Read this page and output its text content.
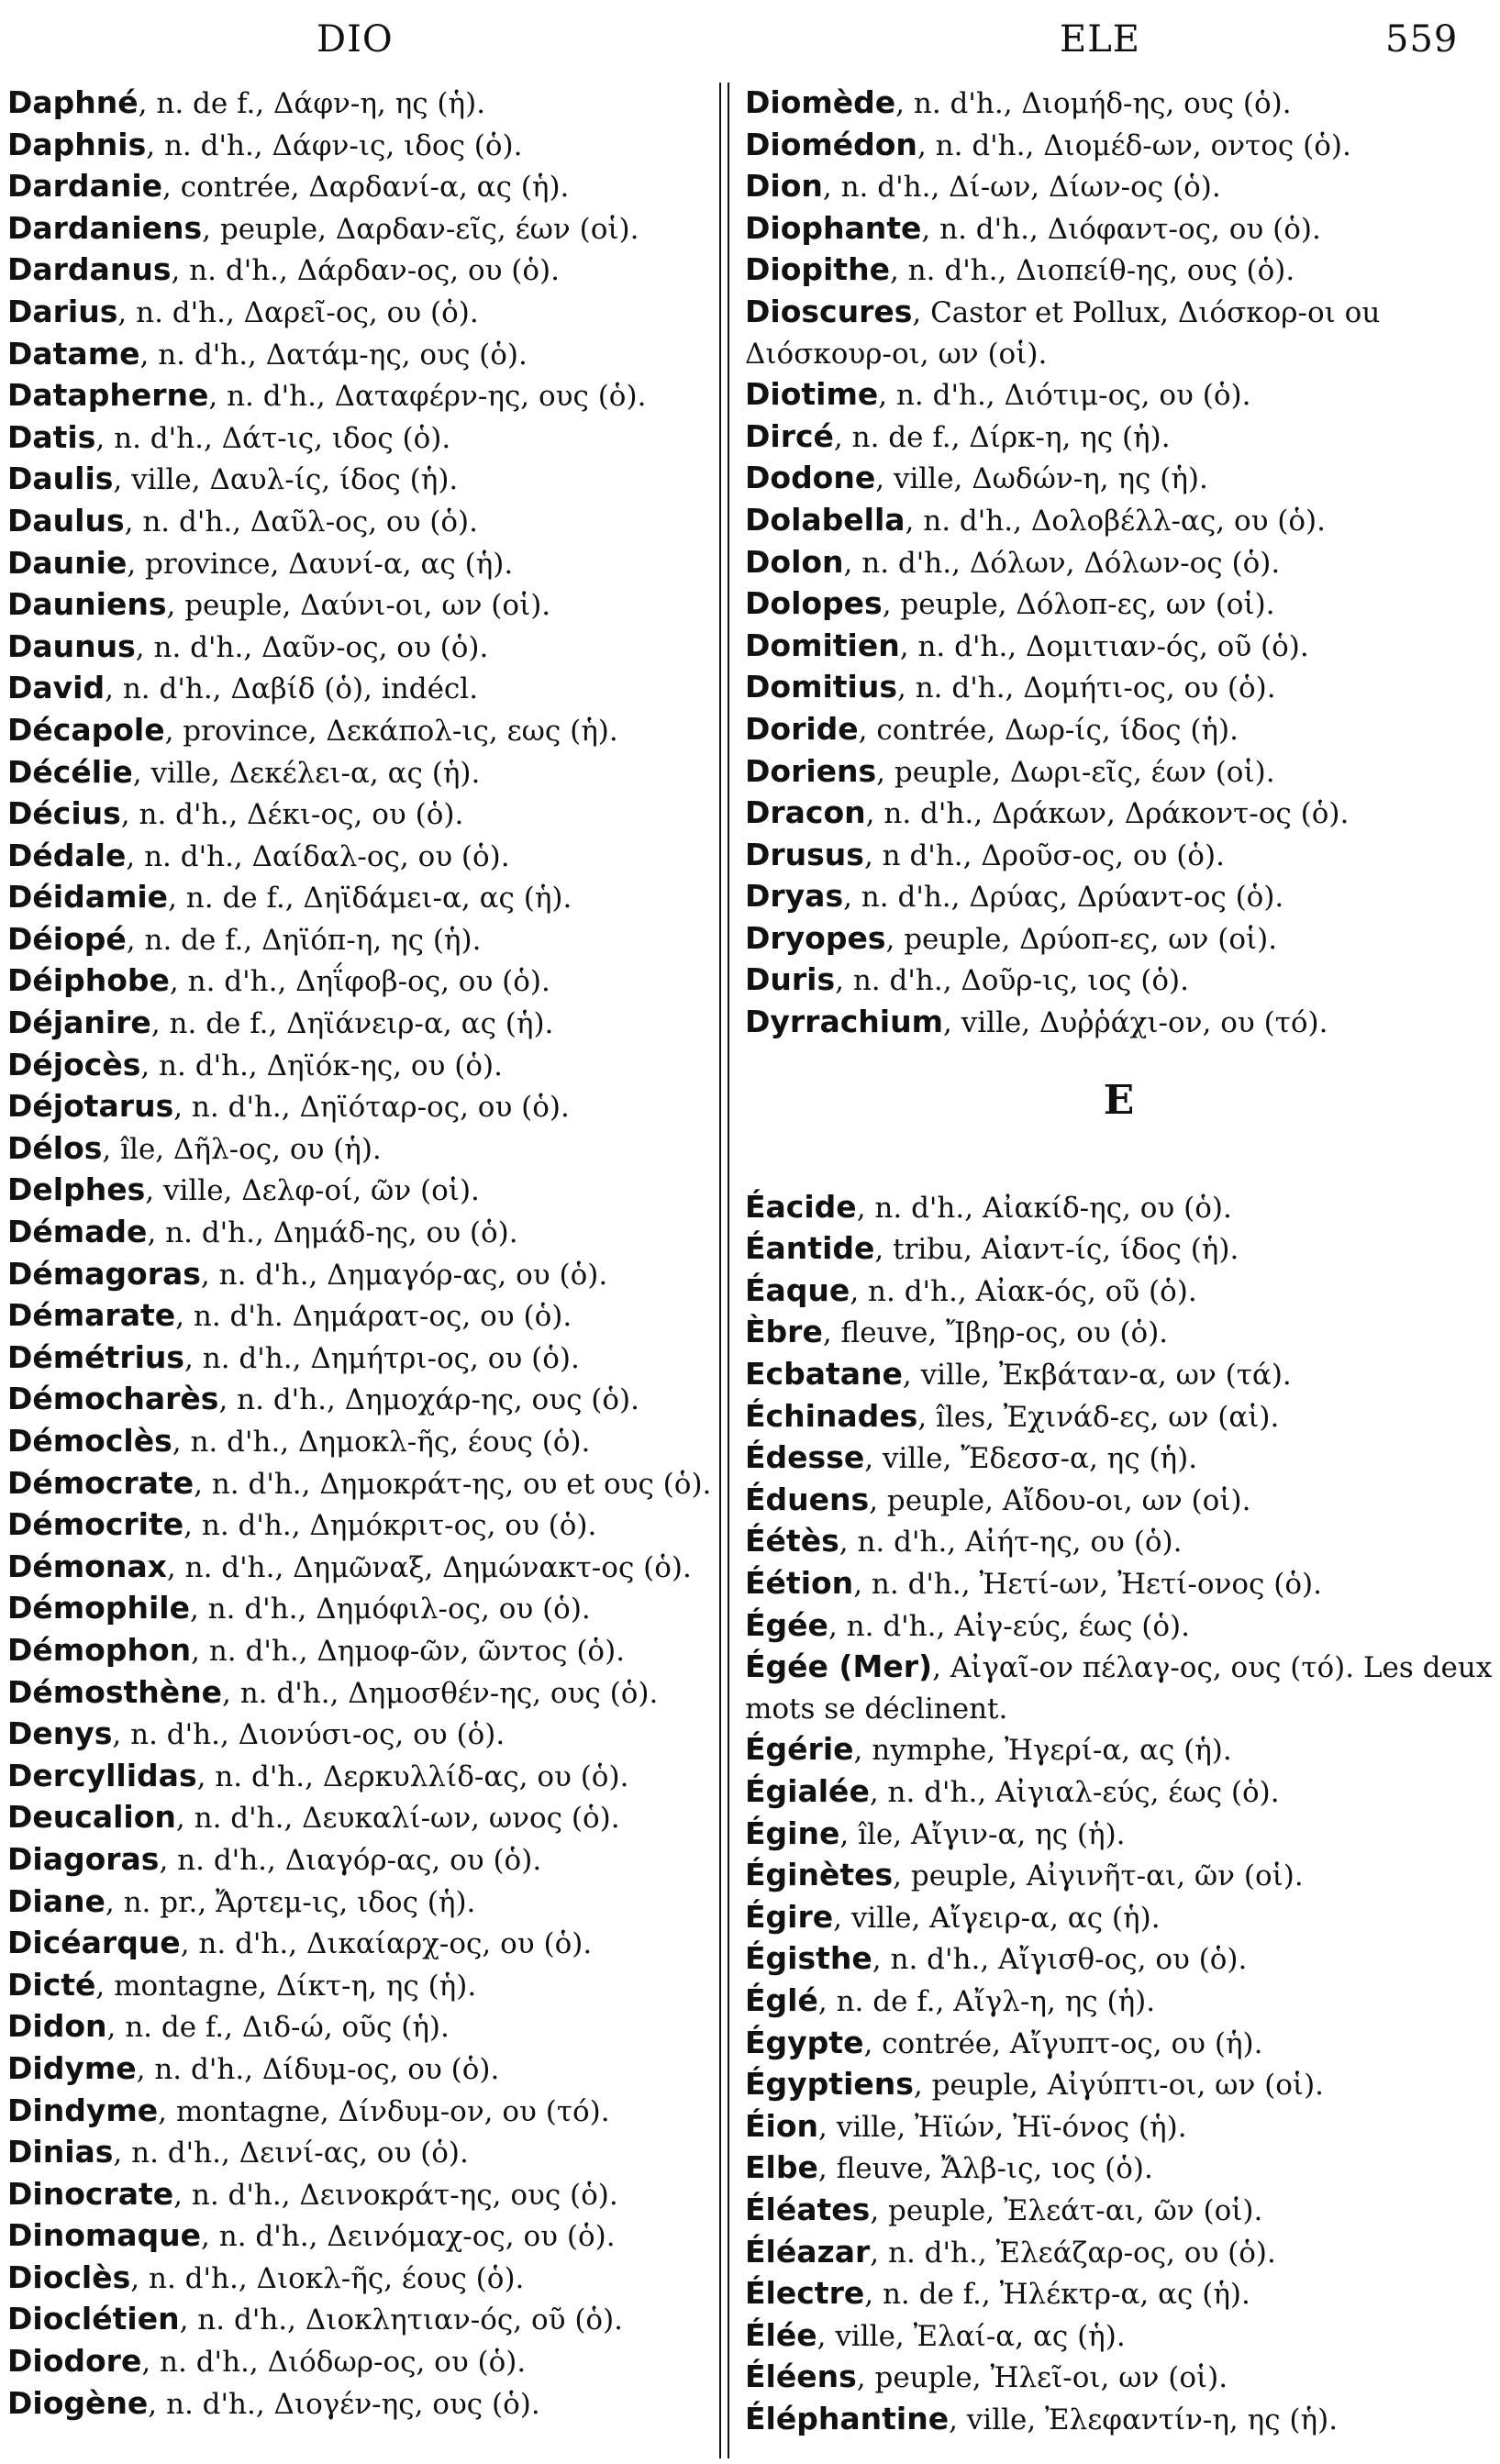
DIO	ELE	559
Daphné, n. de f., Δάφν-η, ης (ἡ).
Daphnis, n. d'h., Δάφν-ις, ιδος (ὁ).
Dardanie, contrée, Δαρδανί-α, ας (ἡ).
Dardaniens, peuple, Δαρδαν-εῖς, έων (οἱ).
Dardanus, n. d'h., Δάρδαν-ος, ου (ὁ).
Darius, n. d'h., Δαρεῖ-ος, ου (ὁ).
Datame, n. d'h., Δατάμ-ης, ους (ὁ).
Datapherne, n. d'h., Δαταφέρν-ης, ους (ὁ).
Datis, n. d'h., Δάτ-ις, ιδος (ὁ).
Daulis, ville, Δαυλ-ίς, ίδος (ἡ).
Daulus, n. d'h., Δαῦλ-ος, ου (ὁ).
Daunie, province, Δαυνί-α, ας (ἡ).
Dauniens, peuple, Δαύνι-οι, ων (οἱ).
Daunus, n. d'h., Δαῦν-ος, ου (ὁ).
David, n. d'h., Δαβίδ (ὁ), indécl.
Décapole, province, Δεκάπολ-ις, εως (ἡ).
Décélie, ville, Δεκέλει-α, ας (ἡ).
Décius, n. d'h., Δέκι-ος, ου (ὁ).
Dédale, n. d'h., Δαίδαλ-ος, ου (ὁ).
Déidamie, n. de f., Δηϊδάμει-α, ας (ἡ).
Déiopé, n. de f., Δηϊόπ-η, ης (ἡ).
Déiphobe, n. d'h., Δηΐφοβ-ος, ου (ὁ).
Déjanire, n. de f., Δηϊάνειρ-α, ας (ἡ).
Déjocès, n. d'h., Δηϊόκ-ης, ου (ὁ).
Déjotarus, n. d'h., Δηϊόταρ-ος, ου (ὁ).
Délos, île, Δῆλ-ος, ου (ἡ).
Delphes, ville, Δελφ-οί, ῶν (οἱ).
Démade, n. d'h., Δημάδ-ης, ου (ὁ).
Démagoras, n. d'h., Δημαγόρ-ας, ου (ὁ).
Démarate, n. d'h. Δημάρατ-ος, ου (ὁ).
Démétrius, n. d'h., Δημήτρι-ος, ου (ὁ).
Démocharès, n. d'h., Δημοχάρ-ης, ους (ὁ).
Démoclès, n. d'h., Δημοκλ-ῆς, έους (ὁ).
Démocrate, n. d'h., Δημοκράτ-ης, ου et ους (ὁ).
Démocrite, n. d'h., Δημόκριτ-ος, ου (ὁ).
Démonax, n. d'h., Δημῶναξ, Δημώνακτ-ος (ὁ).
Démophile, n. d'h., Δημόφιλ-ος, ου (ὁ).
Démophon, n. d'h., Δημοφ-ῶν, ῶντος (ὁ).
Démosthène, n. d'h., Δημοσθέν-ης, ους (ὁ).
Denys, n. d'h., Διονύσι-ος, ου (ὁ).
Dercyllidas, n. d'h., Δερκυλλίδ-ας, ου (ὁ).
Deucalion, n. d'h., Δευκαλί-ων, ωνος (ὁ).
Diagoras, n. d'h., Διαγόρ-ας, ου (ὁ).
Diane, n. pr., Ἄρτεμ-ις, ιδος (ἡ).
Dicéarque, n. d'h., Δικαίαρχ-ος, ου (ὁ).
Dicté, montagne, Δίκτ-η, ης (ἡ).
Didon, n. de f., Διδ-ώ, οῦς (ἡ).
Didyme, n. d'h., Δίδυμ-ος, ου (ὁ).
Dindyme, montagne, Δίνδυμ-ον, ου (τό).
Dinias, n. d'h., Δεινί-ας, ου (ὁ).
Dinocrate, n. d'h., Δεινοκράτ-ης, ους (ὁ).
Dinomaque, n. d'h., Δεινόμαχ-ος, ου (ὁ).
Dioclès, n. d'h., Διοκλ-ῆς, έους (ὁ).
Dioclétien, n. d'h., Διοκλητιαν-ός, οῦ (ὁ).
Diodore, n. d'h., Διόδωρ-ος, ου (ὁ).
Diogène, n. d'h., Διογέν-ης, ους (ὁ).
Diomède, n. d'h., Διομήδ-ης, ους (ὁ).
Diomédon, n. d'h., Διομέδ-ων, οντος (ὁ).
Dion, n. d'h., Δί-ων, Δίων-ος (ὁ).
Diophante, n. d'h., Διόφαντ-ος, ου (ὁ).
Diopithe, n. d'h., Διοπείθ-ης, ους (ὁ).
Dioscures, Castor et Pollux, Διόσκορ-οι ou Διόσκουρ-οι, ων (οἱ).
Diotime, n. d'h., Διότιμ-ος, ου (ὁ).
Dircé, n. de f., Δίρκ-η, ης (ἡ).
Dodone, ville, Δωδών-η, ης (ἡ).
Dolabella, n. d'h., Δολοβέλλ-ας, ου (ὁ).
Dolon, n. d'h., Δόλων, Δόλων-ος (ὁ).
Dolopes, peuple, Δόλοπ-ες, ων (οἱ).
Domitien, n. d'h., Δομιτιαν-ός, οῦ (ὁ).
Domitius, n. d'h., Δομήτι-ος, ου (ὁ).
Doride, contrée, Δωρ-ίς, ίδος (ἡ).
Doriens, peuple, Δωρι-εῖς, έων (οἱ).
Dracon, n. d'h., Δράκων, Δράκοντ-ος (ὁ).
Drusus, n d'h., Δροῦσ-ος, ου (ὁ).
Dryas, n. d'h., Δρύας, Δρύαντ-ος (ὁ).
Dryopes, peuple, Δρύοπ-ες, ων (οἱ).
Duris, n. d'h., Δοῦρ-ις, ιος (ὁ).
Dyrrachium, ville, Δυῤῥάχι-ον, ου (τό).
E
Éacide, n. d'h., Αἰακίδ-ης, ου (ὁ).
Éantide, tribu, Αἰαντ-ίς, ίδος (ἡ).
Éaque, n. d'h., Αἰακ-ός, οῦ (ὁ).
Èbre, fleuve, Ἴβηρ-ος, ου (ὁ).
Ecbatane, ville, Ἐκβάταν-α, ων (τά).
Échinades, îles, Ἐχινάδ-ες, ων (αἱ).
Édesse, ville, Ἔδεσσ-α, ης (ἡ).
Éduens, peuple, Αἴδου-οι, ων (οἱ).
Éétès, n. d'h., Αἰήτ-ης, ου (ὁ).
Éétion, n. d'h., Ἠετί-ων, Ἠετί-ονος (ὁ).
Égée, n. d'h., Αἰγ-εύς, έως (ὁ).
Égée (Mer), Αἰγαῖ-ον πέλαγ-ος, ους (τό). Les deux mots se déclinent.
Égérie, nymphe, Ἠγερί-α, ας (ἡ).
Égialée, n. d'h., Αἰγιαλ-εύς, έως (ὁ).
Égine, île, Αἴγιν-α, ης (ἡ).
Éginètes, peuple, Αἰγινῆτ-αι, ῶν (οἱ).
Égire, ville, Αἴγειρ-α, ας (ἡ).
Égisthe, n. d'h., Αἴγισθ-ος, ου (ὁ).
Églé, n. de f., Αἴγλ-η, ης (ἡ).
Égypte, contrée, Αἴγυπτ-ος, ου (ἡ).
Égyptiens, peuple, Αἰγύπτι-οι, ων (οἱ).
Éion, ville, Ἠϊών, Ἠϊ-όνος (ἡ).
Elbe, fleuve, Ἄλβ-ις, ιος (ὁ).
Éléates, peuple, Ἐλεάτ-αι, ῶν (οἱ).
Éléazar, n. d'h., Ἐλεάζαρ-ος, ου (ὁ).
Électre, n. de f., Ἠλέκτρ-α, ας (ἡ).
Élée, ville, Ἐλαί-α, ας (ἡ).
Éléens, peuple, Ἠλεῖ-οι, ων (οἱ).
Éléphantine, ville, Ἐλεφαντίν-η, ης (ἡ).
